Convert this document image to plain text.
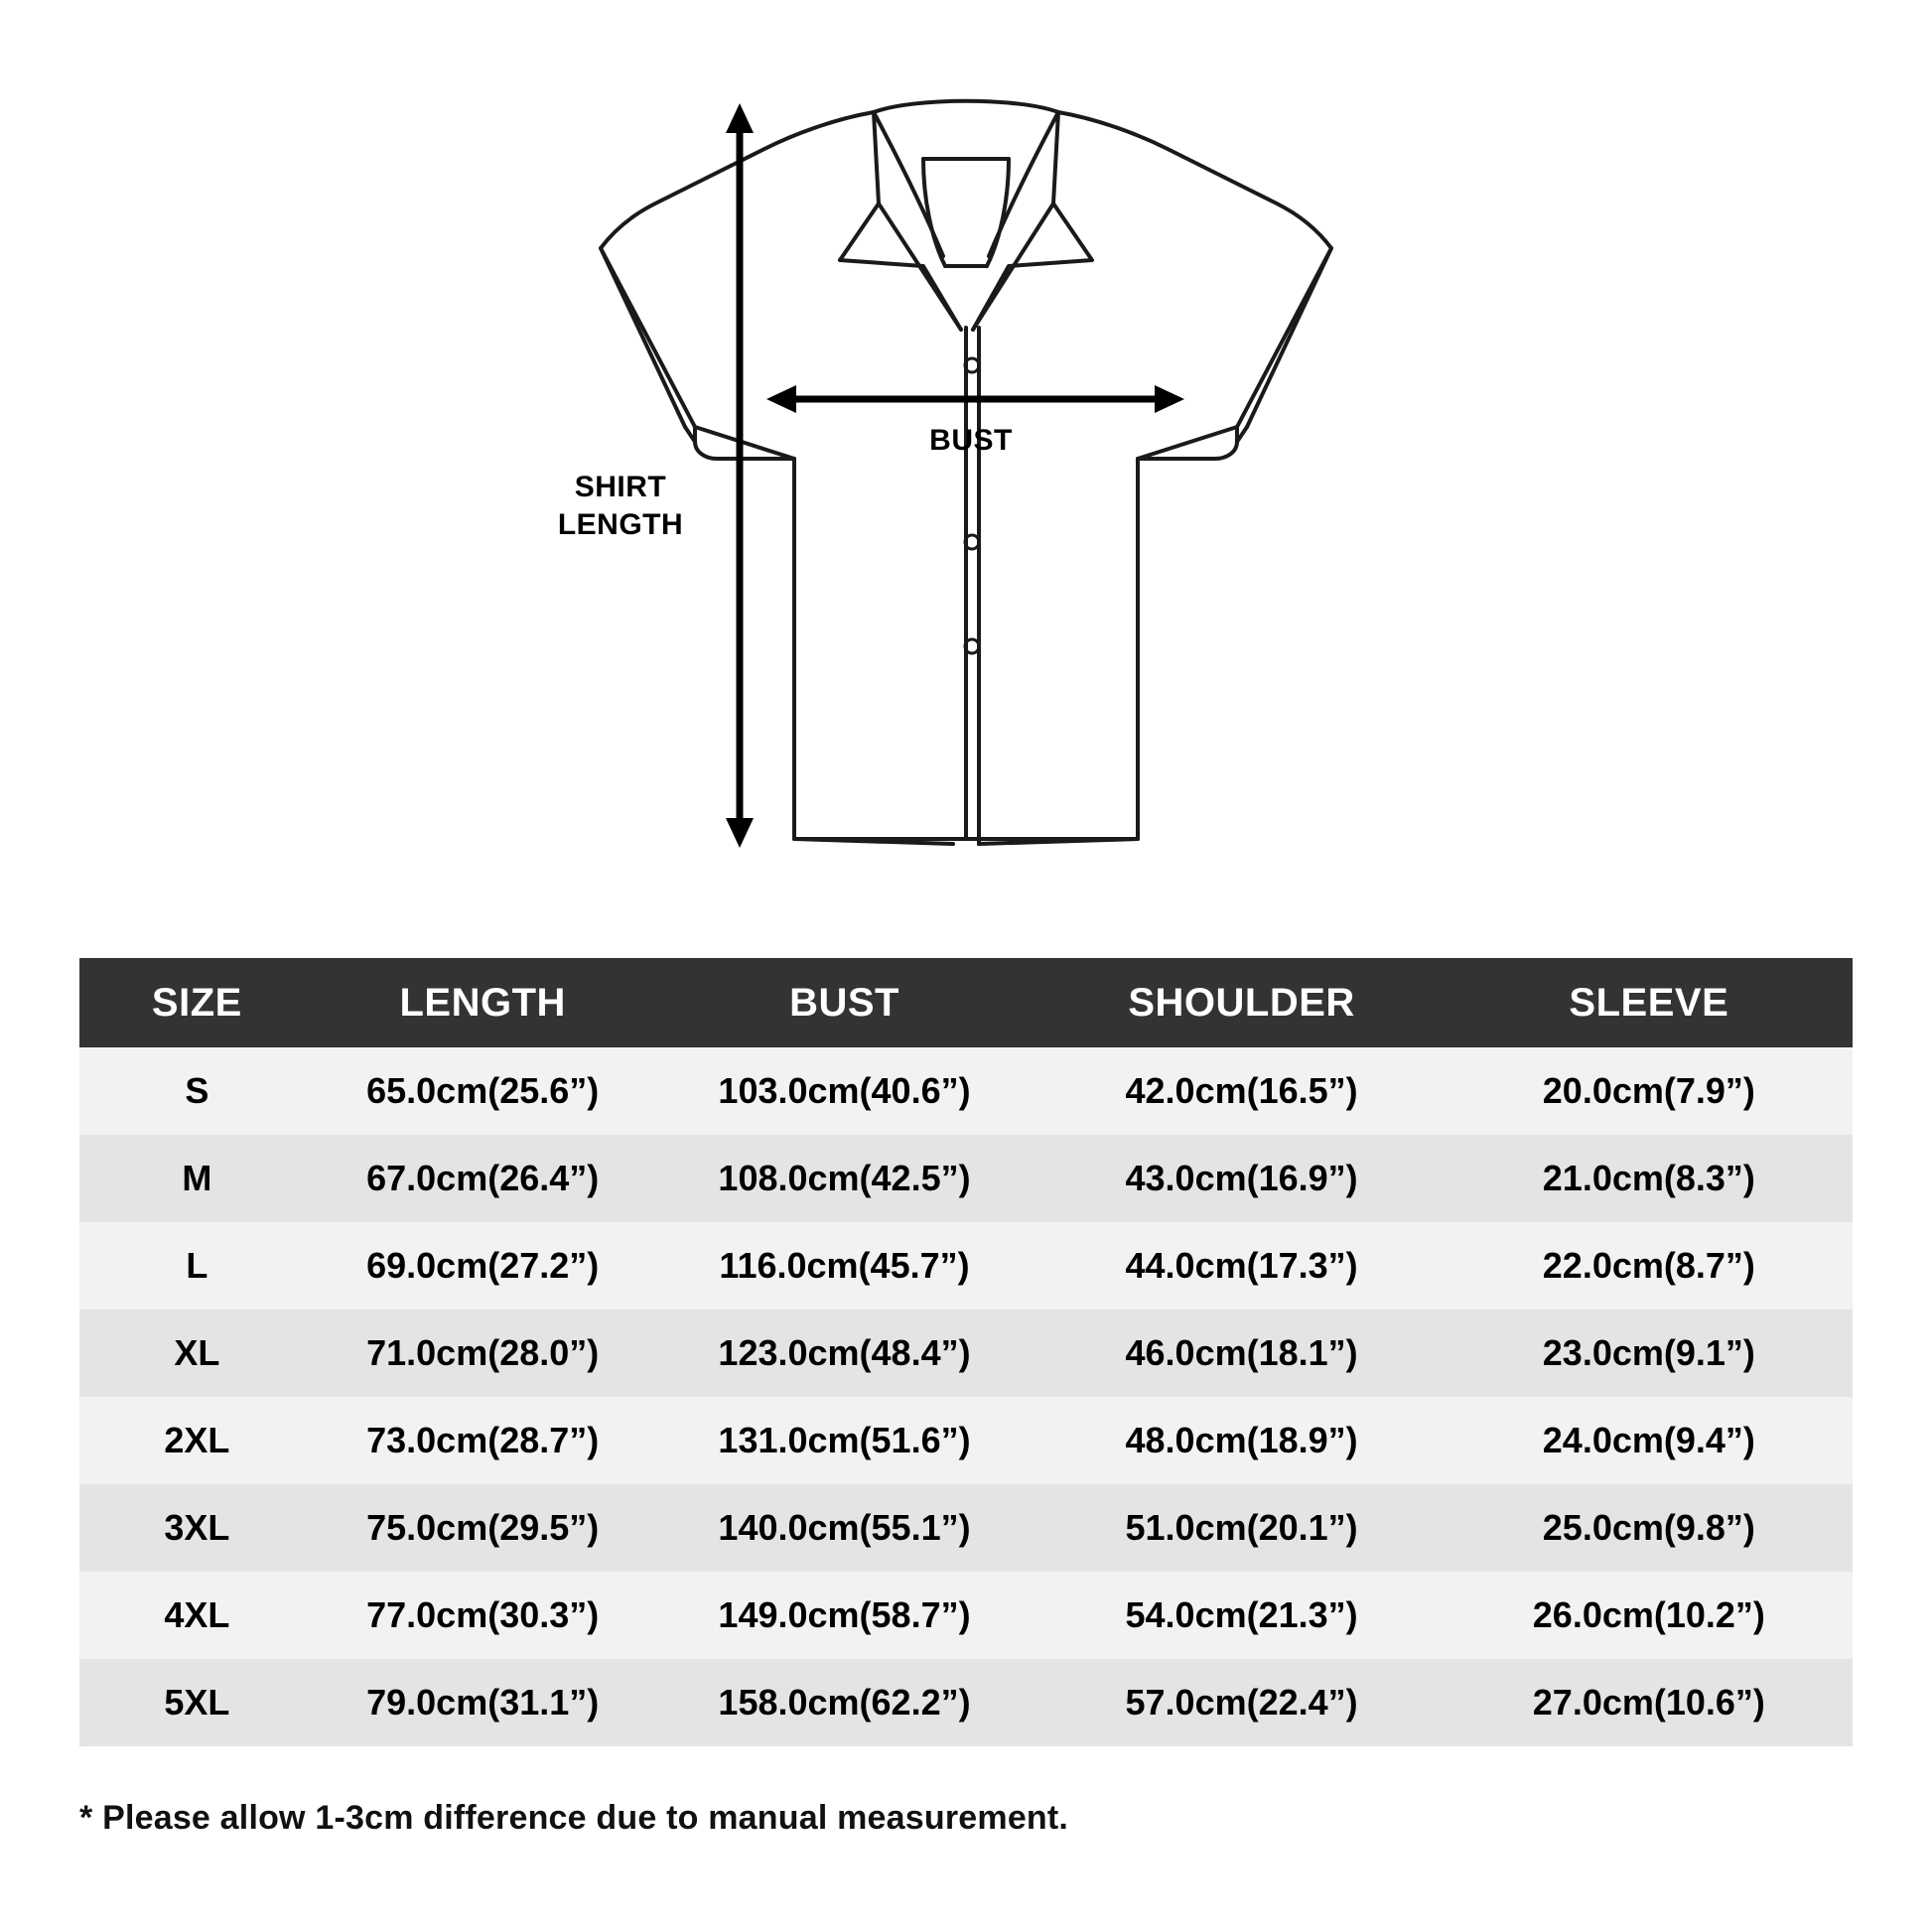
BUST
SHIRT
LENGTH
SIZE	LENGTH	BUST	SHOULDER	SLEEVE
S	65.0cm(25.6”)	103.0cm(40.6”)	42.0cm(16.5”)	20.0cm(7.9”)
M	67.0cm(26.4”)	108.0cm(42.5”)	43.0cm(16.9”)	21.0cm(8.3”)
L	69.0cm(27.2”)	116.0cm(45.7”)	44.0cm(17.3”)	22.0cm(8.7”)
XL	71.0cm(28.0”)	123.0cm(48.4”)	46.0cm(18.1”)	23.0cm(9.1”)
2XL	73.0cm(28.7”)	131.0cm(51.6”)	48.0cm(18.9”)	24.0cm(9.4”)
3XL	75.0cm(29.5”)	140.0cm(55.1”)	51.0cm(20.1”)	25.0cm(9.8”)
4XL	77.0cm(30.3”)	149.0cm(58.7”)	54.0cm(21.3”)	26.0cm(10.2”)
5XL	79.0cm(31.1”)	158.0cm(62.2”)	57.0cm(22.4”)	27.0cm(10.6”)
* Please allow 1-3cm difference due to manual measurement.
